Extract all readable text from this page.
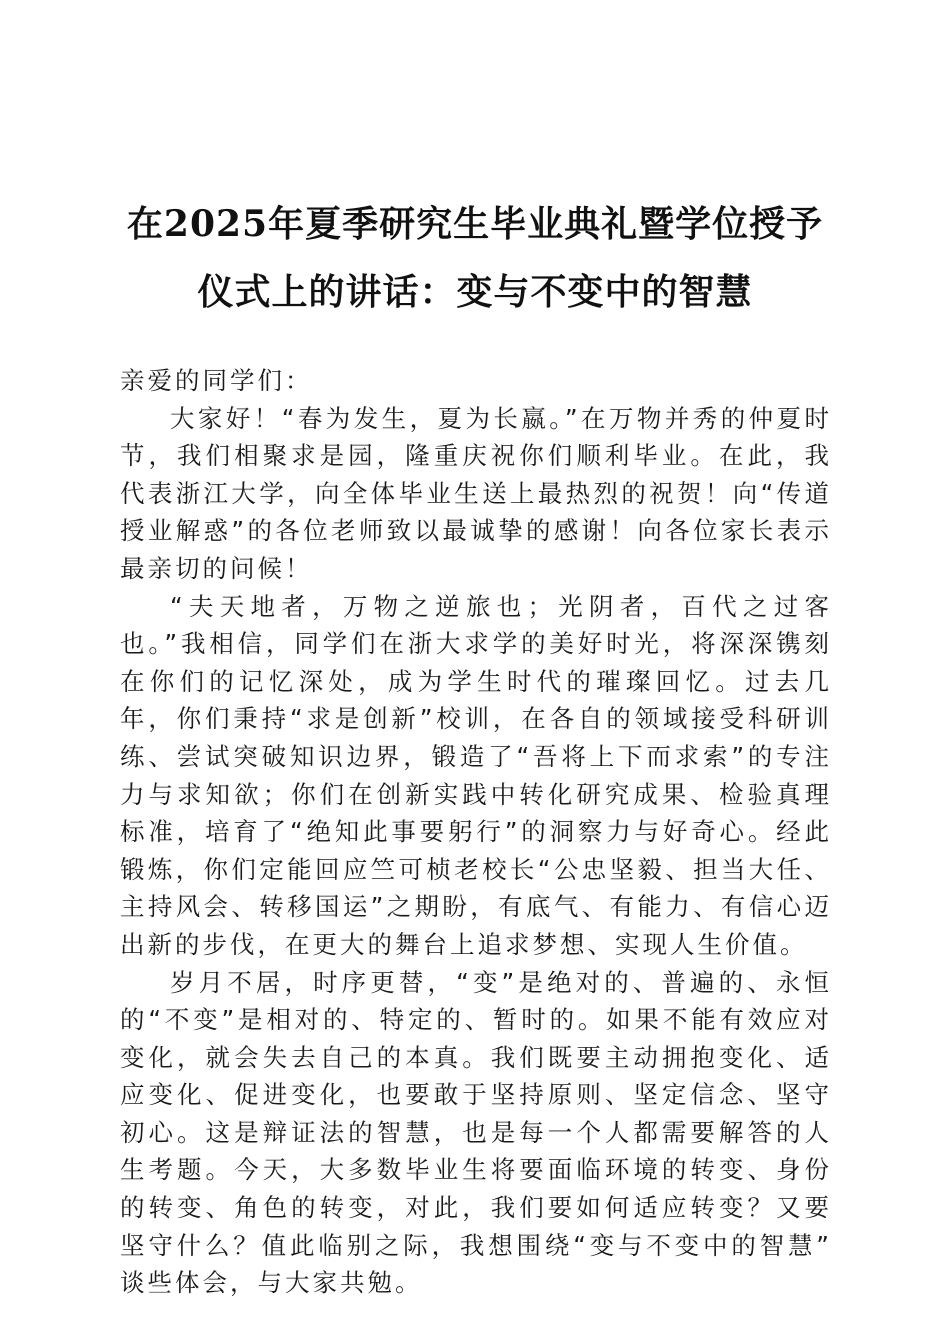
在2025年夏季研究生毕业典礼暨学位授予仪式上的讲话：变与不变中的智慧

亲爱的同学们：

大家好！“春为发生，夏为长嬴。”在万物并秀的仲夏时节，我们相聚求是园，隆重庆祝你们顺利毕业。在此，我代表浙江大学，向全体毕业生送上最热烈的祝贺！向“传道授业解惑”的各位老师致以最诚挚的感谢！向各位家长表示最亲切的问候！

“夫天地者，万物之逆旅也；光阴者，百代之过客也。”我相信，同学们在浙大求学的美好时光，将深深镌刻在你们的记忆深处，成为学生时代的璀璨回忆。过去几年，你们秉持“求是创新”校训，在各自的领域接受科研训练、尝试突破知识边界，锻造了“吾将上下而求索”的专注力与求知欲；你们在创新实践中转化研究成果、检验真理标准，培育了“绝知此事要躬行”的洞察力与好奇心。经此锻炼，你们定能回应竺可桢老校长“公忠坚毅、担当大任、主持风会、转移国运”之期盼，有底气、有能力、有信心迈出新的步伐，在更大的舞台上追求梦想、实现人生价值。

岁月不居，时序更替，“变”是绝对的、普遍的、永恒的“不变”是相对的、特定的、暂时的。如果不能有效应对变化，就会失去自己的本真。我们既要主动拥抱变化、适应变化、促进变化，也要敢于坚持原则、坚定信念、坚守初心。这是辩证法的智慧，也是每一个人都需要解答的人生考题。今天，大多数毕业生将要面临环境的转变、身份的转变、角色的转变，对此，我们要如何适应转变？又要坚守什么？值此临别之际，我想围绕“变与不变中的智慧” 谈些体会，与大家共勉。
